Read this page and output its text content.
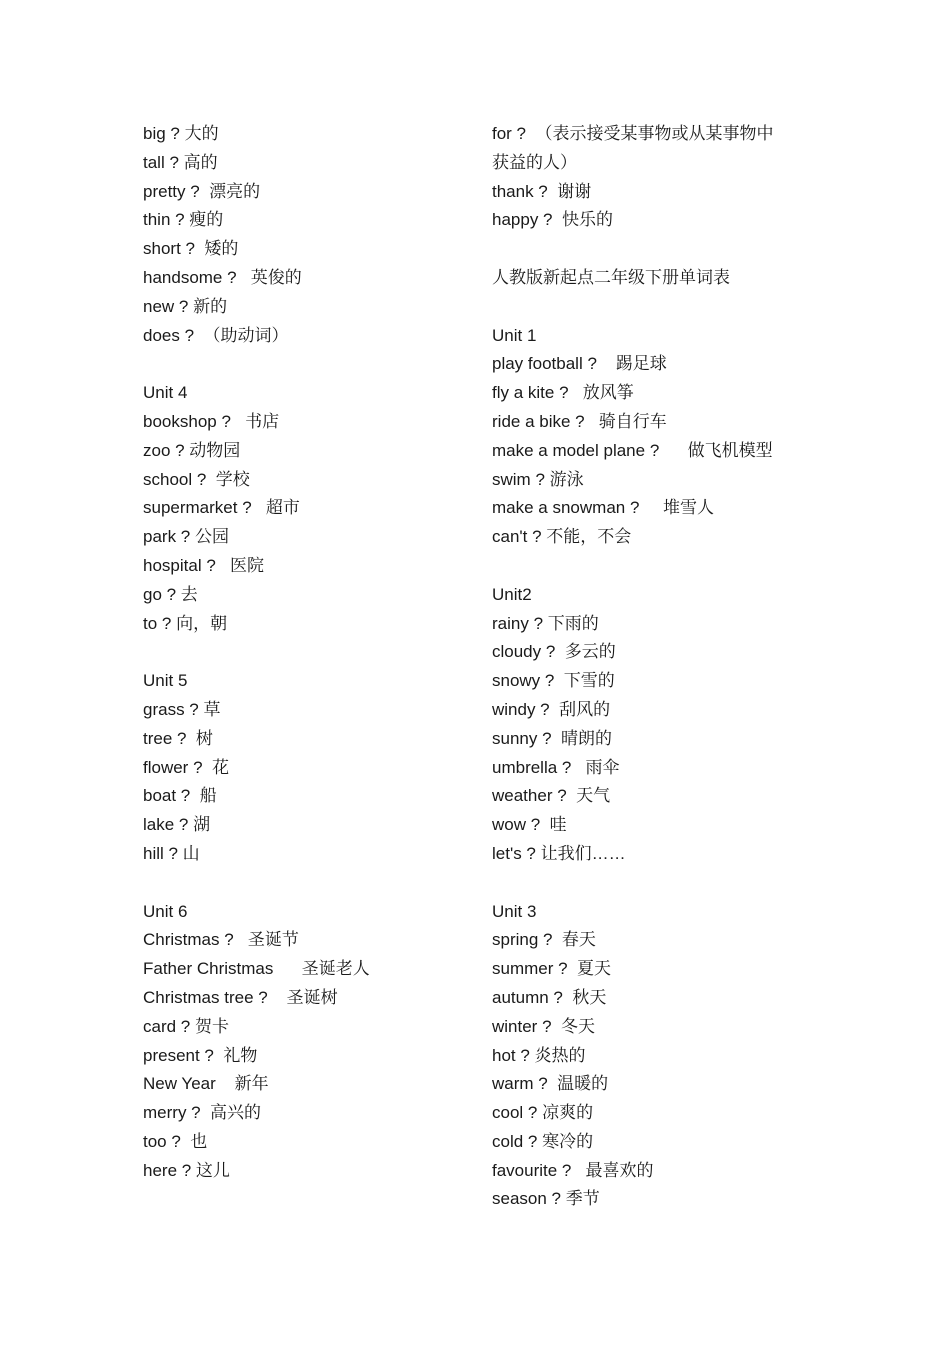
big ? 大的
tall ? 高的
pretty ?  漂亮的
thin ? 瘦的
short ?  矮的
handsome ?   英俊的
new ? 新的
does ?  （助动词）
Unit 4
bookshop ?   书店
zoo ? 动物园
school ?  学校
supermarket ?   超市
park ? 公园
hospital ?   医院
go ? 去
to ? 向，朝
Unit 5
grass ? 草
tree ?  树
flower ?  花
boat ?  船
lake ? 湖
hill ? 山
Unit 6
Christmas ?   圣诞节
Father Christmas      圣诞老人
Christmas tree ?    圣诞树
card ? 贺卡
present ?  礼物
New Year    新年
merry ?  高兴的
too ?  也
here ? 这儿
for ?  （表示接受某事物或从某事物中
获益的人）
thank ?  谢谢
happy ?  快乐的
人教版新起点二年级下册单词表
Unit 1
play football ?    踢足球
fly a kite ?   放风筝
ride a bike ?   骑自行车
make a model plane ?      做飞机模型
swim ? 游泳
make a snowman ?     堆雪人
can't ? 不能，不会
Unit2
rainy ? 下雨的
cloudy ?  多云的
snowy ?  下雪的
windy ?  刮风的
sunny ?  晴朗的
umbrella ?   雨伞
weather ?  天气
wow ?  哇
let's ? 让我们……
Unit 3
spring ?  春天
summer ?  夏天
autumn ?  秋天
winter ?  冬天
hot ? 炎热的
warm ?  温暖的
cool ? 凉爽的
cold ? 寒冷的
favourite ?   最喜欢的
season ? 季节
